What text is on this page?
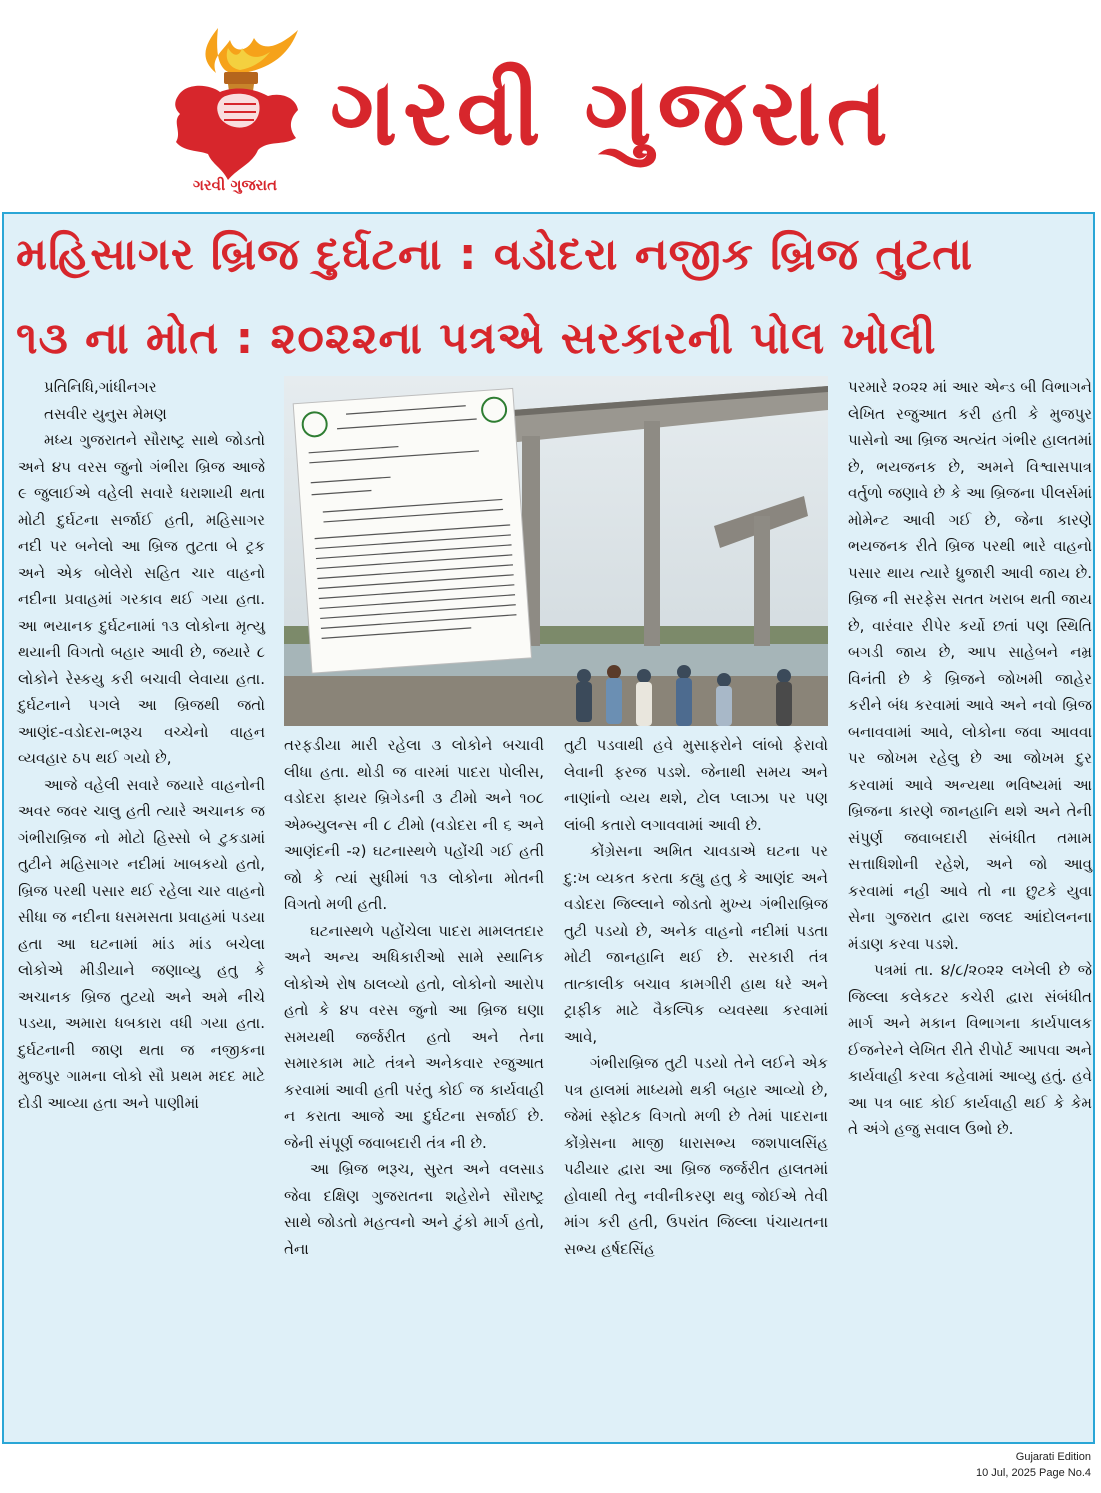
ગરવી ગુજરાત
ગરવી ગુજરાત
મહિસાગર બ્રિજ દુર્ઘટના : વડોદરા નજીક બ્રિજ તુટતા
૧૩ ના મોત : ૨૦૨૨ના પત્રએ સરકારની પોલ ખોલી

પ્રતિનિધિ,ગાંધીનગર

તસવીર યુનુસ મેમણ

મધ્ય ગુજરાતને સૌરાષ્ટ્ર સાથે જોડતો અને ૪૫ વરસ જુનો ગંભીરા બ્રિજ આજે ૯ જુલાઈએ વહેલી સવારે ધરાશાયી થતા મોટી દુર્ઘટના સર્જાઈ હતી, મહિસાગર નદી પર બનેલો આ બ્રિજ તુટતા બે ટ્રક અને એક બોલેરો સહિત ચાર વાહનો નદીના પ્રવાહમાં ગરકાવ થઈ ગયા હતા. આ ભયાનક દુર્ઘટનામાં ૧૩ લોકોના મૃત્યુ થયાની વિગતો બહાર આવી છે, જયારે ૮ લોકોને રેસ્કયુ કરી બચાવી લેવાયા હતા. દુર્ઘટનાને પગલે આ બ્રિજથી જતો આણંદ-વડોદરા-ભરૂચ વચ્ચેનો વાહન વ્યવહાર ઠપ થઈ ગયો છે,

આજે વહેલી સવારે જયારે વાહનોની અવર જવર ચાલુ હતી ત્યારે અચાનક જ ગંભીરાબ્રિજ નો મોટો હિસ્સો બે ટુકડામાં તુટીને મહિસાગર નદીમાં ખાબકયો હતો, બ્રિજ પરથી પસાર થઈ રહેલા ચાર વાહનો સીધા જ નદીના ધસમસતા પ્રવાહમાં પડયા હતા આ ઘટનામાં માંડ માંડ બચેલા લોકોએ મીડીયાને જણાવ્યુ હતુ કે અચાનક બ્રિજ તુટયો અને અમે નીચે પડયા, અમારા ધબકારા વધી ગયા હતા. દુર્ઘટનાની જાણ થતા જ નજીકના મુજપુર ગામના લોકો સૌ પ્રથમ મદદ માટે દોડી આવ્યા હતા અને પાણીમાં

તરફડીયા મારી રહેલા ૩ લોકોને બચાવી લીધા હતા. થોડી જ વારમાં પાદરા પોલીસ, વડોદરા ફાયર બ્રિગેડની ૩ ટીમો અને ૧૦૮ એમ્બ્યુલન્સ ની ૮ ટીમો (વડોદરા ની ૬ અને આણંદની -૨) ઘટનાસ્થળે પહોંચી ગઈ હતી જો કે ત્યાં સુધીમાં ૧૩ લોકોના મોતની વિગતો મળી હતી.

ઘટનાસ્થળે પહોંચેલા પાદરા મામલતદાર અને અન્ય અધિકારીઓ સામે સ્થાનિક લોકોએ રોષ ઠાલવ્યો હતો, લોકોનો આરોપ હતો કે ૪૫ વરસ જુનો આ બ્રિજ ઘણા સમયથી જર્જરીત હતો અને તેના સમારકામ માટે તંત્રને અનેકવાર રજુઆત કરવામાં આવી હતી પરંતુ કોઈ જ કાર્યવાહી ન કરાતા આજે આ દુર્ઘટના સર્જાઈ છે. જેની સંપૂર્ણ જવાબદારી તંત્ર ની છે.

આ બ્રિજ ભરૂચ, સુરત અને વલસાડ જેવા દક્ષિણ ગુજરાતના શહેરોને સૌરાષ્ટ્ર સાથે જોડતો મહત્વનો અને ટુંકો માર્ગ હતો, તેના

તુટી પડવાથી હવે મુસાફરોને લાંબો ફેરાવો લેવાની ફરજ પડશે. જેનાથી સમય અને નાણાંનો વ્યય થશે, ટોલ પ્લાઝા પર પણ લાંબી કતારો લગાવવામાં આવી છે.

કોંગ્રેસના અમિત ચાવડાએ ઘટના પર દુ:ખ વ્યકત કરતા કહ્યુ હતુ કે આણંદ અને વડોદરા જિલ્લાને જોડતો મુખ્ય ગંભીરાબ્રિજ તુટી પડયો છે, અનેક વાહનો નદીમાં પડતા મોટી જાનહાનિ થઈ છે. સરકારી તંત્ર તાત્કાલીક બચાવ કામગીરી હાથ ધરે અને ટ્રાફીક માટે વૈકલ્પિક વ્યવસ્થા કરવામાં આવે,

ગંભીરાબ્રિજ તુટી પડયો તેને લઈને એક પત્ર હાલમાં માધ્યમો થકી બહાર આવ્યો છે, જેમાં સ્ફોટક વિગતો મળી છે તેમાં પાદરાના કોંગ્રેસના માજી ધારાસભ્ય જશપાલસિંહ પઢીયાર દ્વારા આ બ્રિજ જર્જરીત હાલતમાં હોવાથી તેનુ નવીનીકરણ થવુ જોઈએ તેવી માંગ કરી હતી, ઉપરાંત જિલ્લા પંચાયતના સભ્ય હર્ષદસિંહ

પરમારે ૨૦૨૨ માં આર એન્ડ બી વિભાગને લેખિત રજુઆત કરી હતી કે મુજપુર પાસેનો આ બ્રિજ અત્યંત ગંભીર હાલતમાં છે, ભયજનક છે, અમને વિશ્વાસપાત્ર વર્તુળો જણાવે છે કે આ બ્રિજના પીલર્સમાં મોમેન્ટ આવી ગઈ છે, જેના કારણે ભયજનક રીતે બ્રિજ પરથી ભારે વાહનો પસાર થાય ત્યારે ધ્રુજારી આવી જાય છે. બ્રિજ ની સરફેસ સતત ખરાબ થતી જાય છે, વારંવાર રીપેર કર્યો છતાં પણ સ્થિતિ બગડી જાય છે, આપ સાહેબને નમ્ર વિનંતી છે કે બ્રિજને જોખમી જાહેર કરીને બંધ કરવામાં આવે અને નવો બ્રિજ બનાવવામાં આવે, લોકોના જવા આવવા પર જોખમ રહેલુ છે આ જોખમ દુર કરવામાં આવે અન્યથા ભવિષ્યમાં આ બ્રિજના કારણે જાનહાનિ થશે અને તેની સંપુર્ણ જવાબદારી સંબંધીત તમામ સત્તાધિશોની રહેશે, અને જો આવુ કરવામાં નહી આવે તો ના છુટકે યુવા સેના ગુજરાત દ્વારા જલદ આંદોલનના મંડાણ કરવા પડશે.

પત્રમાં તા. ૪/૮/૨૦૨૨ લખેલી છે જે જિલ્લા કલેકટર કચેરી દ્વારા સંબંધીત માર્ગ અને મકાન વિભાગના કાર્યપાલક ઈજનેરને લેખિત રીતે રીપોર્ટ આપવા અને કાર્યવાહી કરવા કહેવામાં આવ્યુ હતું. હવે આ પત્ર બાદ કોઈ કાર્યવાહી થઈ કે કેમ તે અંગે હજુ સવાલ ઉભો છે.

Gujarati Edition
10 Jul, 2025 Page No.4
